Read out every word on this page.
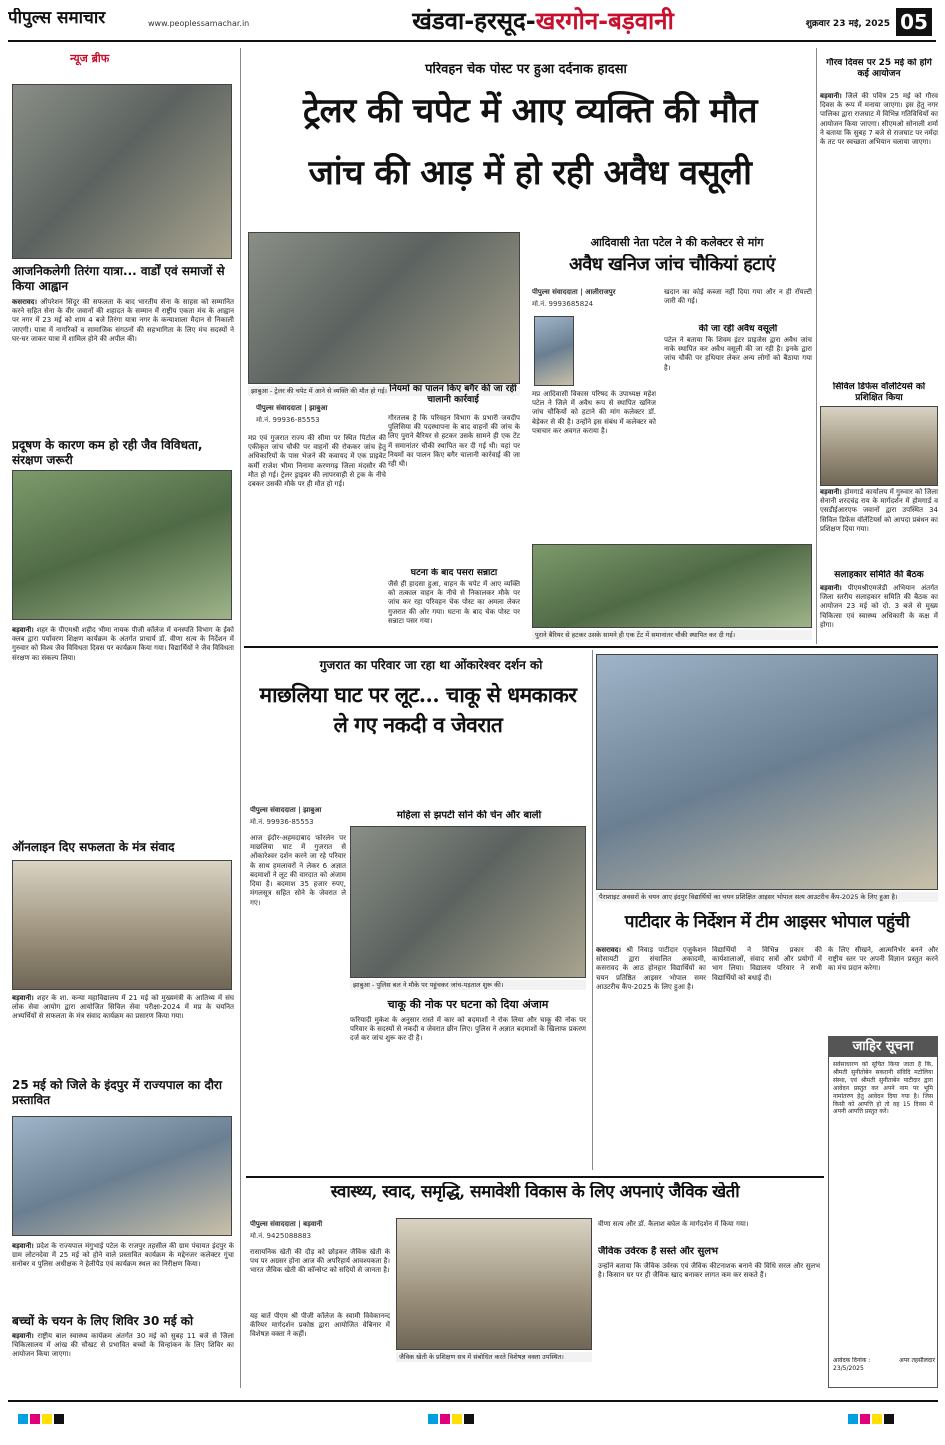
पीपुल्स समाचार	www.peoplessamachar.in	खंडवा-हरसूद-खरगोन-बड़वानी	शुक्रवार 23 मई, 2025 05
न्यूज ब्रीफ
आजनिकलेगी तिरंगा यात्रा... वार्डों एवं समाजों से किया आह्वान
कसरावद। ऑपरेशन सिंदूर की सफलता के बाद भारतीय सेना के साहस को सम्मानित करने सहित सेना के वीर जवानों की शहादत के सम्मान में राष्ट्रीय एकता मंच के आह्वान पर नगर में 23 मई को शाम 4 बजे तिरंगा यात्रा नगर के कन्याशाला मैदान से निकाली जाएगी। यात्रा में नागरिकों व सामाजिक संगठनों की सहभागिता के लिए मंच सदस्यों ने घर-घर जाकर यात्रा में शामिल होने की अपील की।
प्रदूषण के कारण कम हो रही जैव विविधता, संरक्षण जरूरी
बड़वानी। शहर के पीएमश्री शहीद भीमा नायक पीजी कॉलेज में वनस्पति विभाग के ईको क्लब द्वारा पर्यावरण शिक्षण कार्यक्रम के अंतर्गत प्राचार्य डॉ. वीणा सत्य के निर्देशन में गुरुवार को विश्व जैव विविधता दिवस पर कार्यक्रम किया गया। विद्यार्थियों ने जैव विविधता संरक्षण का संकल्प लिया।
ऑनलाइन दिए सफलता के मंत्र संवाद
बड़वानी। शहर के शा. कन्या महाविद्यालय में 21 मई को मुख्यमंत्री के आतिथ्य में संघ लोक सेवा आयोग द्वारा आयोजित सिविल सेवा परीक्षा-2024 में मप्र के चयनित अभ्यर्थियों से सफलता के मंत्र संवाद कार्यक्रम का प्रसारण किया गया।
25 मई को जिले के इंदपुर में राज्यपाल का दौरा प्रस्तावित
बड़वानी। प्रदेश के राज्यपाल मंगुभाई पटेल के राजपुर तहसील की ग्राम पंचायत इंदपुर के ग्राम लोटनदेवा में 25 मई को होने वाले प्रस्तावित कार्यक्रम के मद्देनजर कलेक्टर गुंचा सनोबर व पुलिस अधीक्षक ने हेलीपैड एवं कार्यक्रम स्थल का निरीक्षण किया।
बच्चों के चयन के लिए शिविर 30 मई को
बड़वानी। राष्ट्रीय बाल स्वास्थ्य कार्यक्रम अंतर्गत 30 मई को सुबह 11 बजे से जिला चिकित्सालय में आंख की चौखट से प्रभावित बच्चों के चिन्हांकन के लिए शिविर का आयोजन किया जाएगा।
परिवहन चेक पोस्ट पर हुआ दर्दनाक हादसा
ट्रेलर की चपेट में आए व्यक्ति की मौत
जांच की आड़ में हो रही अवैध वसूली
झाबुआ - ट्रेलर की चपेट में आने से व्यक्ति की मौत हो गई।
पीपुल्स संवाददाता | झाबुआ
मो.नं. 99936-85553
मप्र एवं गुजरात राज्य की सीमा पर स्थित पिटोल की एकीकृत जांच चौकी पर वाहनों की रोककर जांच हेतु अधिकारियों के पास भेजने की कवायद में एक प्राइवेट कर्मी राजेश भीमा निनामा करणगढ़ जिला मंदसौर की मौत हो गई। ट्रेलर ड्राइवर की लापरवाही से ट्रक के नीचे दबकर उसकी मौके पर ही मौत हो गई।
नियमों का पालन किए बगैर की जा रही चालानी कार्रवाई
गौरतलब है कि परिवहन विभाग के प्रभारी जवदीप पुलिसिया की पदस्थापना के बाद वाहनों की जांच के लिए पुराने बैरियर से हटकर उसके सामने ही एक टेंट में समानांतर चौकी स्थापित कर दी गई थी। यहां पर नियमों का पालन किए बगैर चालानी कार्रवाई की जा रही थी।
घटना के बाद पसरा सन्नाटा
जैसे ही हादसा हुआ, वाहन के चपेट में आए व्यक्ति को तत्काल वाहन के नीचे से निकालकर मौके पर जांच कर रहा परिवहन चेक पोस्ट का अमला लेकर गुजरात की ओर गया। घटना के बाद चेक पोस्ट पर सन्नाटा पसर गया।
आदिवासी नेता पटेल ने की कलेक्टर से मांग
अवैध खनिज जांच चौकियां हटाएं
पीपुल्स संवाददाता | आलीराजपुर
मो.नं. 9993685824
मप्र आदिवासी विकास परिषद के उपाध्यक्ष महेश पटेल ने जिले में अवैध रूप से स्थापित खनिज जांच चौकियों को हटाने की मांग कलेक्टर डॉ. बेड़ेकर से की है। उन्होंने इस संबंध में कलेक्टर को पत्राचार कर अवगत कराया है।
खदान का कोई कब्जा नहीं दिया गया और न ही रॉयल्टी जारी की गई।
की जा रही अवैध वसूली
पटेल ने बताया कि शिवम इंटर प्राइजेस द्वारा अवैध जांच नाके स्थापित कर अवैध वसूली की जा रही है। इनके द्वारा जांच चौकी पर हथियार लेकर अन्य लोगों को बैठाया गया है।
पुराने बैरियर से हटकर उसके सामने ही एक टेंट में समानांतर चौकी स्थापित कर दी गई।
गौरव दिवस पर 25 मई को होंगे कई आयोजन
बड़वानी। जिले की पवित्र 25 मई को गौरव दिवस के रूप में मनाया जाएगा। इस हेतु नगर पालिका द्वारा राजघाट में विभिन्न गतिविधियों का आयोजन किया जाएगा। सीएमओ सोनाली शर्मा ने बताया कि सुबह 7 बजे से राजघाट पर नर्मदा के तट पर स्वच्छता अभियान चलाया जाएगा।
सिविल डिफेंस वॉलेंटियर्स को प्रशिक्षित किया
बड़वानी। होमगार्ड कार्यालय में गुरुवार को जिला सेनानी शरदचंद्र राय के मार्गदर्शन में होमगार्ड व एसडीईआरएफ जवानों द्वारा उपस्थित 34 सिविल डिफेंस वॉलेंटियर्स को आपदा प्रबंधन का प्रशिक्षण दिया गया।
सलाहकार समिति की बैठक
बड़वानी। पीएमश्रीएमजेडी अभियान अंतर्गत जिला स्तरीय सलाहकार समिति की बैठक का आयोजन 23 मई को दो. 3 बजे से मुख्य चिकित्सा एवं स्वास्थ्य अधिकारी के कक्ष में होगा।
गुजरात का परिवार जा रहा था ओंकारेश्वर दर्शन को
माछलिया घाट पर लूट... चाकू से धमकाकर ले गए नकदी व जेवरात
पीपुल्स संवाददाता | झाबुआ
मो.नं. 99936-85553
आज इंदौर-अहमदाबाद फोरलेन पर माछलिया घाट में गुजरात से ओंकारेश्वर दर्शन करने जा रहे परिवार के साथ हमलावरों ने लेकर 6 अज्ञात बदमाशों ने लूट की वारदात को अंजाम दिया है। बदमाश 35 हजार रुपए, मंगलसूत्र सहित सोने के जेवरात ले गए।
महिला से झपटी सोने की चेन और बाली
झाबुआ - पुलिस बल ने मौके पर पहुंचकर जांच-पड़ताल शुरू की।
चाकू की नोक पर घटना को दिया अंजाम
फरियादी मुकेश के अनुसार रास्ते में कार को बदमाशों ने रोक लिया और चाकू की नोक पर परिवार के सदस्यों से नकदी व जेवरात छीन लिए। पुलिस ने अज्ञात बदमाशों के खिलाफ प्रकरण दर्ज कर जांच शुरू कर दी है।
पैराशाइट अवसरों के चयन आए इंदपुर विद्यार्थियों का चयन प्रशिक्षित आइसर भोपाल सत्य आउटरीच कैंप-2025 के लिए हुआ है।
पाटीदार के निर्देशन में टीम आइसर भोपाल पहुंची
कसरावद। श्री निवाड़ पाटीदार एजुकेशन सोसायटी द्वारा संचालित अकादमी, कसरावद के आठ होनहार विद्यार्थियों का चयन प्रतिष्ठित आइसर भोपाल समर आउटरीच कैंप-2025 के लिए हुआ है।
विद्यार्थियों ने विभिन्न प्रकार की कार्यशालाओं, संवाद सत्रों और प्रयोगों में भाग लिया। विद्यालय परिवार ने सभी विद्यार्थियों को बधाई दी।
के लिए सीखने, आत्मनिर्भर बनने और राष्ट्रीय स्तर पर अपनी विज्ञान प्रस्तुत करने का मंच प्रदान करेगा।
जाहिर सूचना
सर्वसाधारण को सूचित किया जाता है कि, श्रीमती सुनीतोबेन सकरानी संविदि मटोलिया संस्था, एवं श्रीमती सुनीताबेन पाटीदार द्वारा आवेदन प्रस्तुत कर अपने नाम पर भूमि नामांतरण हेतु आवेदन दिया गया है। जिस किसी को आपत्ति हो तो वह 15 दिवस में अपनी आपत्ति प्रस्तुत करें।
आवेदक दिनांक : 23/5/2025
अपर तहसीलदार
स्वास्थ्य, स्वाद, समृद्धि, समावेशी विकास के लिए अपनाएं जैविक खेती
पीपुल्स संवाददाता | बड़वानी
मो.नं. 9425088883
रासायनिक खेती की दौड़ को छोड़कर जैविक खेती के पथ पर अग्रसर होना आज की अपरिहार्य आवश्यकता है। भारत जैविक खेती की कॉन्सेप्ट को सदियों से जानता है।
जैविक खेती के प्रशिक्षण सत्र में संबोधित करते विशेषज्ञ वक्ता उपस्थित।
यह बातें पीएम श्री पीजी कॉलेज के स्वामी विवेकानन्द कॅरियर मार्गदर्शन प्रकोष्ठ द्वारा आयोजित वेबिनार में विशेषज्ञ वक्ता ने कहीं।
वीणा सत्य और डॉ. कैलाश बघेल के मार्गदर्शन में किया गया।
जैविक उर्वरक है सस्ते और सुलभ
उन्होंने बताया कि जैविक उर्वरक एवं जैविक कीटनाशक बनाने की विधि सरल और सुलभ है। किसान घर पर ही जैविक खाद बनाकर लागत कम कर सकते हैं।
